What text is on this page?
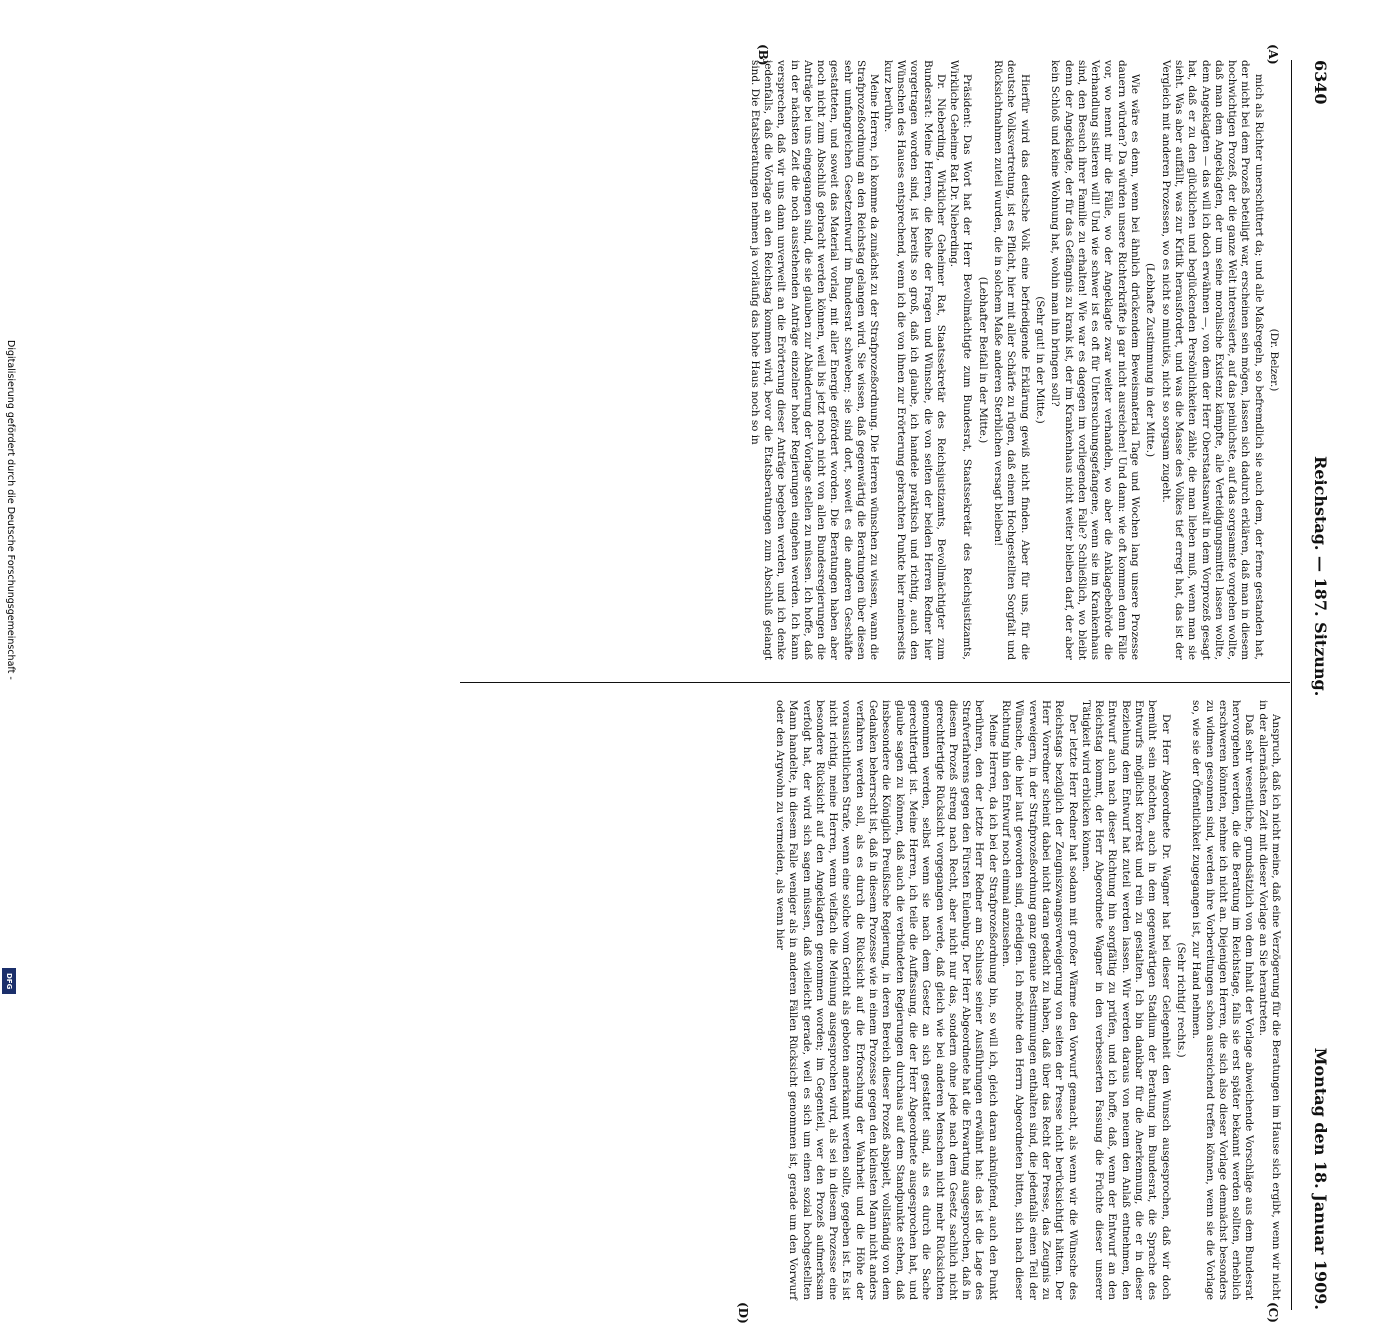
Digitalisierung gefördert durch die Deutsche Forschungsgemeinschaft -
DFG
6340
Reichstag. — 187. Sitzung.
Montag den 18. Januar 1909.
(A)
(B)
(C)
(D)

(Dr. Belzer.)

mich als Richter unerschüttert da; und alle Maßregeln, so befremdlich sie auch dem, der ferne gestanden hat, der nicht bei dem Prozeß beteiligt war, erscheinen sein mögen, lassen sich dadurch erklären, daß man in diesem hochwichtigen Prozeß, der die ganze Welt interessierte, auf das peinlichste, auf das sorgsamste vorgehen wollte, daß man dem Angeklagten, der um seine moralische Existenz kämpfte, alle Verteidigungsmittel lassen wollte, dem Angeklagten — das will ich doch erwähnen —, von dem der Herr Oberstaatsanwalt in dem Vorprozeß gesagt hat, daß er zu den glücklichen und beglückenden Persönlichkeiten zähle, die man lieben muß, wenn man sie sieht. Was aber auffällt, was zur Kritik herausfordert, und was die Masse des Volkes tief erregt hat, das ist der Vergleich mit anderen Prozessen, wo es nicht so minutiös, nicht so sorgsam zugeht.

(Lebhafte Zustimmung in der Mitte.)

Wie wäre es denn, wenn bei ähnlich drückendem Beweismaterial Tage und Wochen lang unsere Prozesse dauern würden? Da würden unsere Richterkräfte ja gar nicht ausreichen! Und dann: wie oft kommen denn Fälle vor, wo nennt mir die Fälle, wo der Angeklagte zwar weiter verhandeln, wo aber die Anklagebehörde die Verhandlung sistieren will! Und wie schwer ist es oft für Untersuchungsgefangene, wenn sie im Krankenhaus sind, den Besuch ihrer Familie zu erhalten! Wie war es dagegen im vorliegenden Falle? Schließlich, wo bleibt denn der Angeklagte, der für das Gefängnis zu krank ist, der im Krankenhaus nicht weiter bleiben darf, der aber kein Schloß und keine Wohnung hat, wohin man ihn bringen soll?

(Sehr gut! in der Mitte.)

Hierfür wird das deutsche Volk eine befriedigende Erklärung gewiß nicht finden. Aber für uns, für die deutsche Volksvertretung, ist es Pflicht, hier mit aller Schärfe zu rügen, daß einem Hochgestellten Sorgfalt und Rücksichtnahmen zuteil wurden, die in solchem Maße anderen Sterblichen versagt bleiben!

(Lebhafter Beifall in der Mitte.)

Präsident: Das Wort hat der Herr Bevollmächtigte zum Bundesrat, Staatssekretär des Reichsjustizamts, Wirkliche Geheime Rat Dr. Nieberding.

Dr. Nieberding, Wirklicher Geheimer Rat, Staatssekretär des Reichsjustizamts, Bevollmächtigter zum Bundesrat: Meine Herren, die Reihe der Fragen und Wünsche, die von seiten der beiden Herren Redner hier vorgetragen worden sind, ist bereits so groß, daß ich glaube, ich handele praktisch und richtig, auch den Wünschen des Hauses entsprechend, wenn ich die von ihnen zur Erörterung gebrachten Punkte hier meinerseits kurz berühre.

Meine Herren, ich komme da zunächst zu der Strafprozeßordnung. Die Herren wünschen zu wissen, wann die Strafprozeßordnung an den Reichstag gelangen wird. Sie wissen, daß gegenwärtig die Beratungen über diesen sehr umfangreichen Gesetzentwurf im Bundesrat schweben; sie sind dort, soweit es die anderen Geschäfte gestatteten, und soweit das Material vorlag, mit aller Energie gefördert worden. Die Beratungen haben aber noch nicht zum Abschluß gebracht werden können, weil bis jetzt noch nicht von allen Bundesregierungen die Anträge bei uns eingegangen sind, die sie glauben zur Abänderung der Vorlage stellen zu müssen. Ich hoffe, daß in der nächsten Zeit die noch ausstehenden Anträge einzelner hoher Regierungen eingehen werden. Ich kann versprechen, daß wir uns dann unverweilt an die Erörterung dieser Anträge begeben werden, und ich denke jedenfalls, daß die Vorlage an den Reichstag kommen wird, bevor die Etatsberatungen zum Abschluß gelangt sind. Die Etatsberatungen nehmen ja vorläufig das hohe Haus noch so in

Anspruch, daß ich nicht meine, daß eine Verzögerung für die Beratungen im Hause sich ergibt, wenn wir nicht in der allernächsten Zeit mit dieser Vorlage an Sie herantreten.

Daß sehr wesentliche, grundsätzlich von dem Inhalt der Vorlage abweichende Vorschläge aus dem Bundesrat hervorgehen werden, die die Beratung im Reichstage, falls sie erst später bekannt werden sollten, erheblich erschweren könnten, nehme ich nicht an. Diejenigen Herren, die sich also dieser Vorlage demnächst besonders zu widmen gesonnen sind, werden ihre Vorbereitungen schon ausreichend treffen können, wenn sie die Vorlage so, wie sie der Öffentlichkeit zugegangen ist, zur Hand nehmen.

(Sehr richtig! rechts.)

Der Herr Abgeordnete Dr. Wagner hat bei dieser Gelegenheit den Wunsch ausgesprochen, daß wir doch bemüht sein möchten, auch in dem gegenwärtigen Stadium der Beratung im Bundesrat, die Sprache des Entwurfs möglichst korrekt und rein zu gestalten. Ich bin dankbar für die Anerkennung, die er in dieser Beziehung dem Entwurf hat zuteil werden lassen. Wir werden daraus von neuem den Anlaß entnehmen, den Entwurf auch nach dieser Richtung hin sorgfältig zu prüfen, und ich hoffe, daß, wenn der Entwurf an den Reichstag kommt, der Herr Abgeordnete Wagner in den verbesserten Fassung die Früchte dieser unserer Tätigkeit wird erblicken können.

Der letzte Herr Redner hat sodann mit großer Wärme den Vorwurf gemacht, als wenn wir die Wünsche des Reichstags bezüglich der Zeugniszwangsverweigerung von seiten der Presse nicht berücksichtigt hätten. Der Herr Vorredner scheint dabei nicht daran gedacht zu haben, daß über das Recht der Presse, das Zeugnis zu verweigern, in der Strafprozeßordnung ganz genaue Bestimmungen enthalten sind, die jedenfalls einen Teil der Wünsche, die hier laut geworden sind, erledigen. Ich möchte den Herrn Abgeordneten bitten, sich nach dieser Richtung hin den Entwurf noch einmal anzusehen.

Meine Herren, da ich bei der Strafprozeßordnung bin, so will ich, gleich daran anknüpfend, auch den Punkt berühren, den der letzte Herr Redner am Schlusse seiner Ausführungen erwähnt hat: das ist die Lage des Strafverfahrens gegen den Fürsten Eulenburg. Der Herr Abgeordnete hat die Erwartung ausgesprochen, daß in diesem Prozeß streng nach Recht, aber nicht nur das, sondern ohne jede nach dem Gesetz sachlich nicht gerechtfertigte Rücksicht vorgegangen werde, daß gleich wie bei anderen Menschen nicht mehr Rücksichten genommen werden, selbst wenn sie nach dem Gesetz an sich gestattet sind, als es durch die Sache gerechtfertigt ist. Meine Herren, ich teile die Auffassung, die der Herr Abgeordnete ausgesprochen hat, und glaube sagen zu können, daß auch die verbündeten Regierungen durchaus auf dem Standpunkte stehen, daß insbesondere die Königlich Preußische Regierung, in deren Bereich dieser Prozeß abspielt, vollständig von dem Gedanken beherrscht ist, daß in diesem Prozesse wie in einem Prozesse gegen den kleinsten Mann nicht anders verfahren werden soll, als es durch die Rücksicht auf die Erforschung der Wahrheit und die Höhe der voraussichtlichen Strafe, wenn eine solche vom Gericht als geboten anerkannt werden sollte, gegeben ist. Es ist nicht richtig, meine Herren, wenn vielfach die Meinung ausgesprochen wird, als sei in diesem Prozesse eine besondere Rücksicht auf den Angeklagten genommen worden; im Gegenteil, wer den Prozeß aufmerksam verfolgt hat, der wird sich sagen müssen, daß vielleicht gerade, weil es sich um einen sozial hochgestellten Mann handelte, in diesem Falle weniger als in anderen Fällen Rücksicht genommen ist, gerade um den Vorwurf oder den Argwohn zu vermeiden, als wenn hier
